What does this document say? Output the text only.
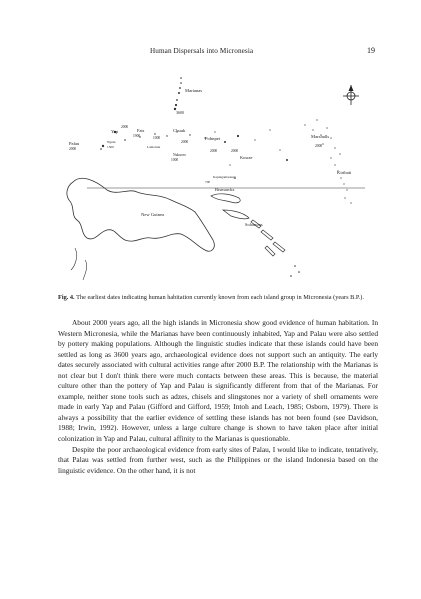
Human Dispersals into Micronesia	19
Marianas
3600
2000
Yap	Fais
1900
Palau
2000
Ngulu
1500
1000
Lamotrek
Chuuk
2000
Pohnpei
2000
Nukuoro
1000
2000
Kosrae
Marshalls
2000
Kapingamarangi
700
Kiribati
Bismarcks
New Guinea
Solomons
Fig. 4. The earliest dates indicating human habitation currently known from each island group in Micronesia (years B.P.).

About 2000 years ago, all the high islands in Micronesia show good evidence of human habitation. In Western Micronesia, while the Marianas have been continuously inhabited, Yap and Palau were also settled by pottery making populations. Although the linguistic studies indicate that these islands could have been settled as long as 3600 years ago, archaeological evidence does not support such an antiquity. The early dates securely associated with cultural activities range after 2000 B.P. The relationship with the Marianas is not clear but I don't think there were much contacts between these areas. This is because, the material culture other than the pottery of Yap and Palau is significantly different from that of the Marianas. For example, neither stone tools such as adzes, chisels and slingstones nor a variety of shell ornaments were made in early Yap and Palau (Gifford and Gifford, 1959; Intoh and Leach, 1985; Osborn, 1979). There is always a possibility that the earlier evidence of settling these islands has not been found (see Davidson, 1988; Irwin, 1992). However, unless a large culture change is shown to have taken place after initial colonization in Yap and Palau, cultural affinity to the Marianas is questionable.

Despite the poor archaeological evidence from early sites of Palau, I would like to indicate, tentatively, that Palau was settled from further west, such as the Philippines or the island Indonesia based on the linguistic evidence. On the other hand, it is not
